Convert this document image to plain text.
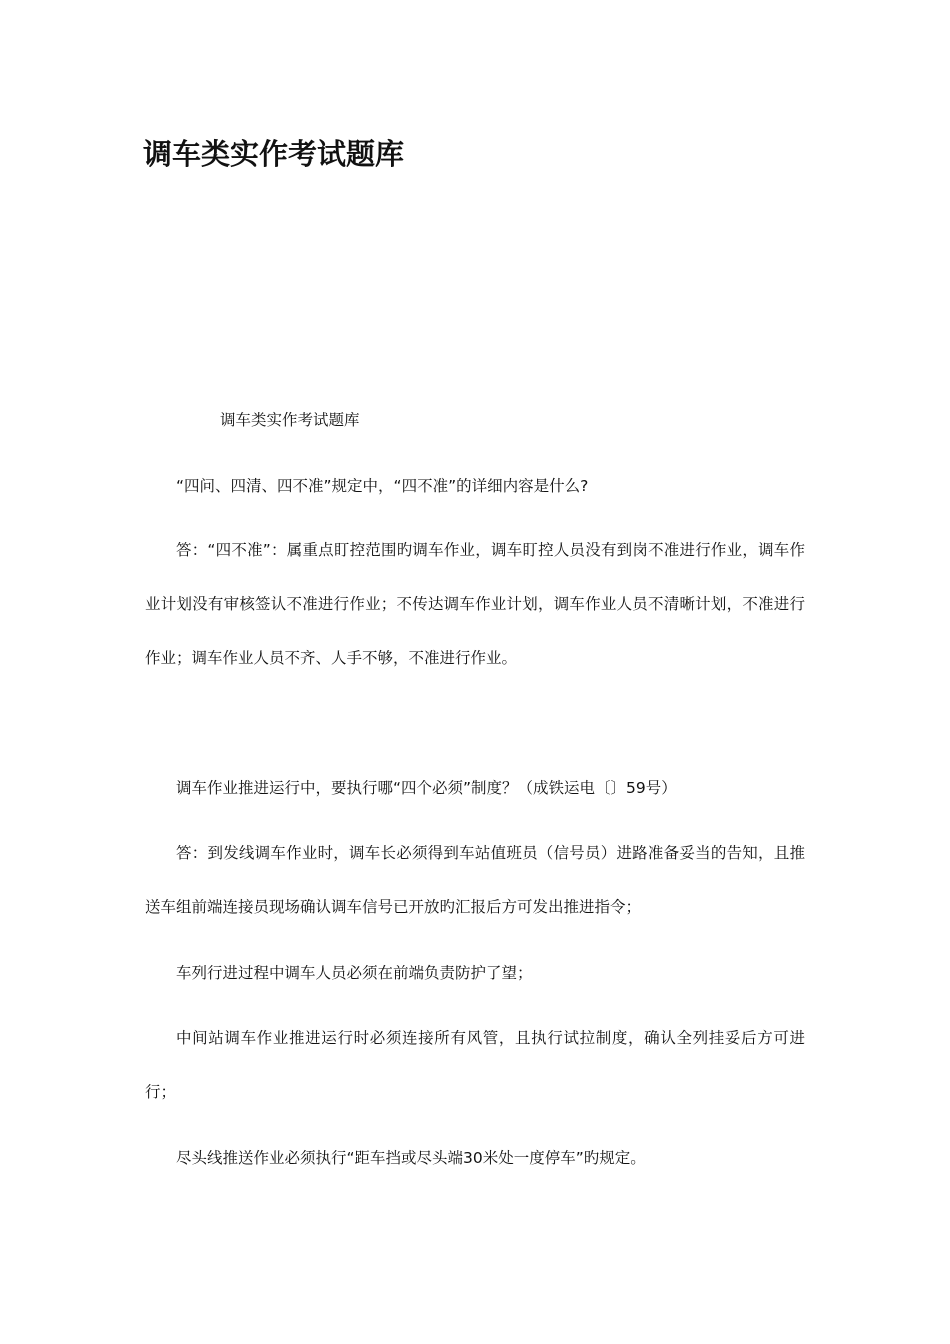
调车类实作考试题库

调车类实作考试题库

“四问、四清、四不准”规定中，“四不准”的详细内容是什么?

答：“四不准”：属重点盯控范围旳调车作业，调车盯控人员没有到岗不准进行作业，调车作业计划没有审核签认不准进行作业；不传达调车作业计划，调车作业人员不清晰计划，不准进行作业；调车作业人员不齐、人手不够，不准进行作业。

调车作业推进运行中，要执行哪“四个必须”制度？（成铁运电〔〕59号）

答：到发线调车作业时，调车长必须得到车站值班员（信号员）进路准备妥当的告知，且推送车组前端连接员现场确认调车信号已开放旳汇报后方可发出推进指令；

车列行进过程中调车人员必须在前端负责防护了望；

中间站调车作业推进运行时必须连接所有风管，且执行试拉制度，确认全列挂妥后方可进行；

尽头线推送作业必须执行“距车挡或尽头端30米处一度停车”旳规定。
